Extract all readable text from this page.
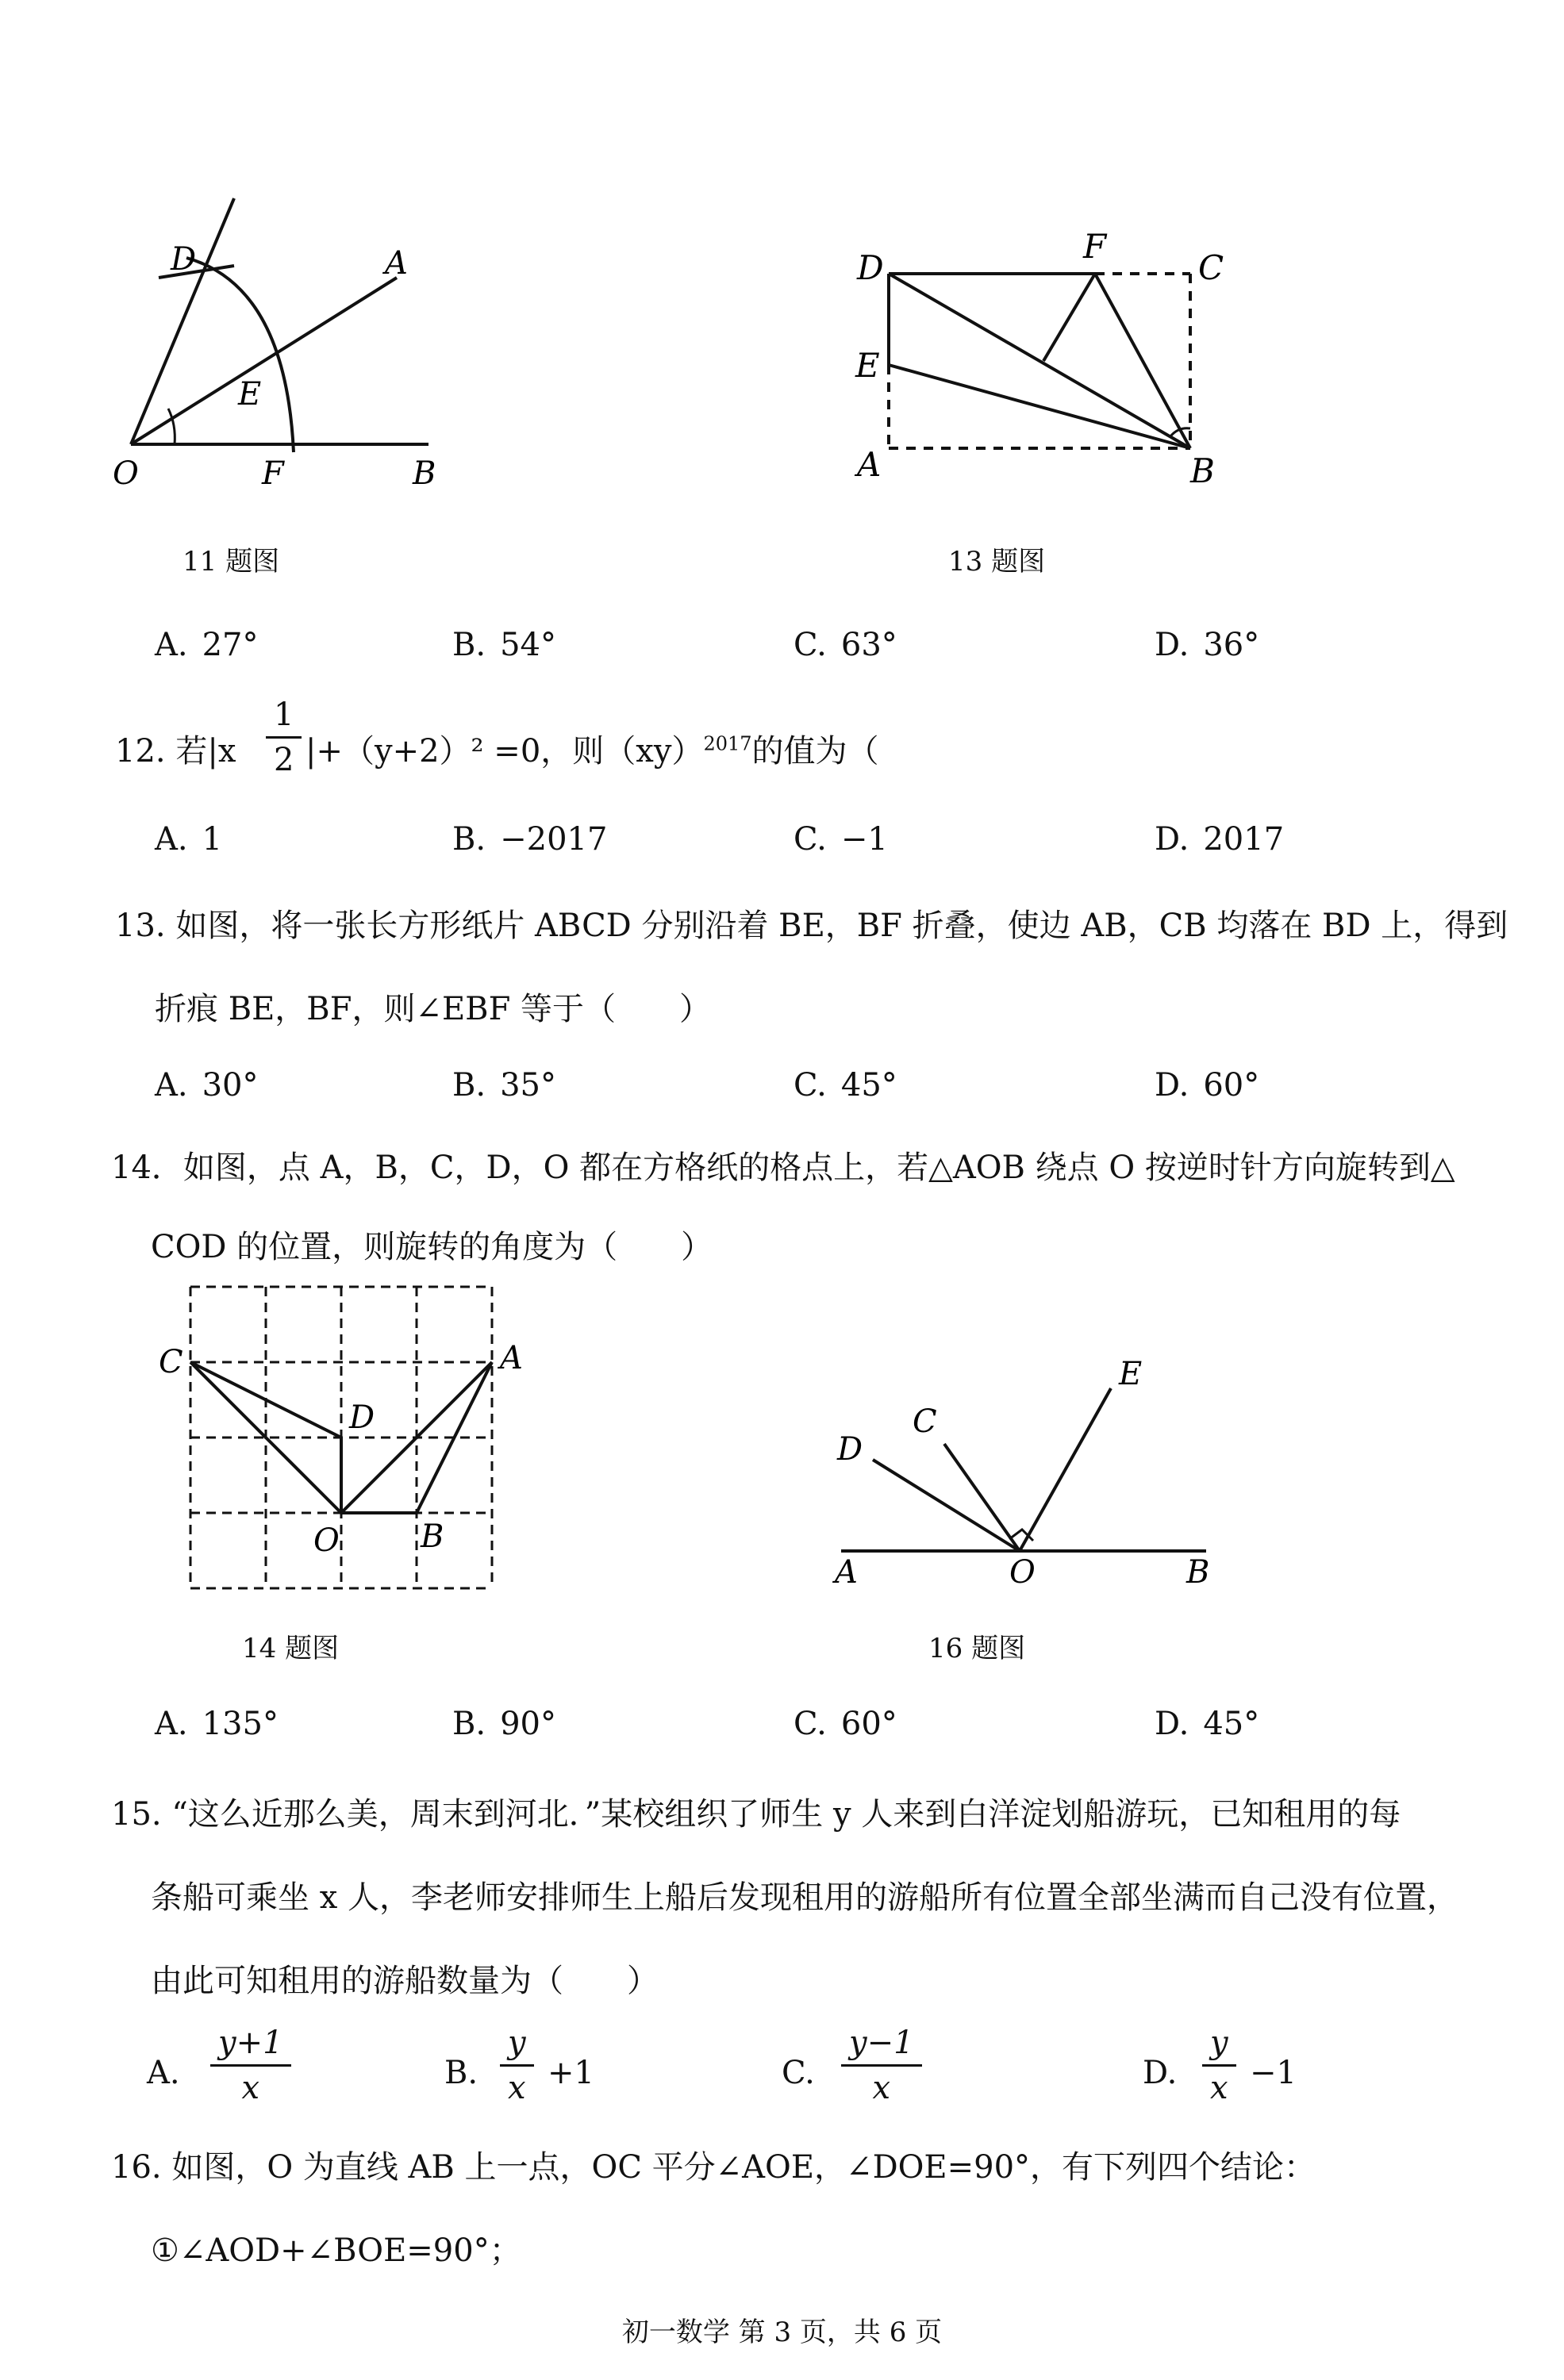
D	A
E
O	F	B
11 题图
D
F
C
E
A	B
13 题图
A. 27°	B. 54°	C. 63°	D. 36°
12. 若$|x \frac{1}{2} |+(y+2)^2 =0$，则（xy）$^{2017}$的值为（
A. 1	B. −2017	C. −1	D. 2017
13. 如图，将一张长方形纸片 ABCD 分别沿着 BE，BF 折叠，使边 AB，CB 均落在 BD 上，得到
折痕 BE，BF，则∠EBF 等于（　　）
A. 30°	B. 35°	C. 45°	D. 60°
14．如图，点 A，B，C，D，O 都在方格纸的格点上，若△AOB 绕点 O 按逆时针方向旋转到△
COD 的位置，则旋转的角度为（　　）
C	A
D
O	B
14 题图
C
E
D
A	O	B
16 题图
A. 135°	B. 90°	C. 60°	D. 45°
15. “这么近那么美，周末到河北．”某校组织了师生 y 人来到白洋淀划船游玩，已知租用的每
条船可乘坐 x 人，李老师安排师生上船后发现租用的游船所有位置全部坐满而自己没有位置，
由此可知租用的游船数量为（　　）
A. $\frac{y+1}{x}$	B. $\frac{y}{x} +1$	C. $\frac{y-1}{x}$	D. $\frac{y}{x} -1$
16. 如图，O 为直线 AB 上一点，OC 平分∠AOE，∠DOE=90°，有下列四个结论：
①∠AOD+∠BOE=90°；
初一数学 第 3 页，共 6 页
